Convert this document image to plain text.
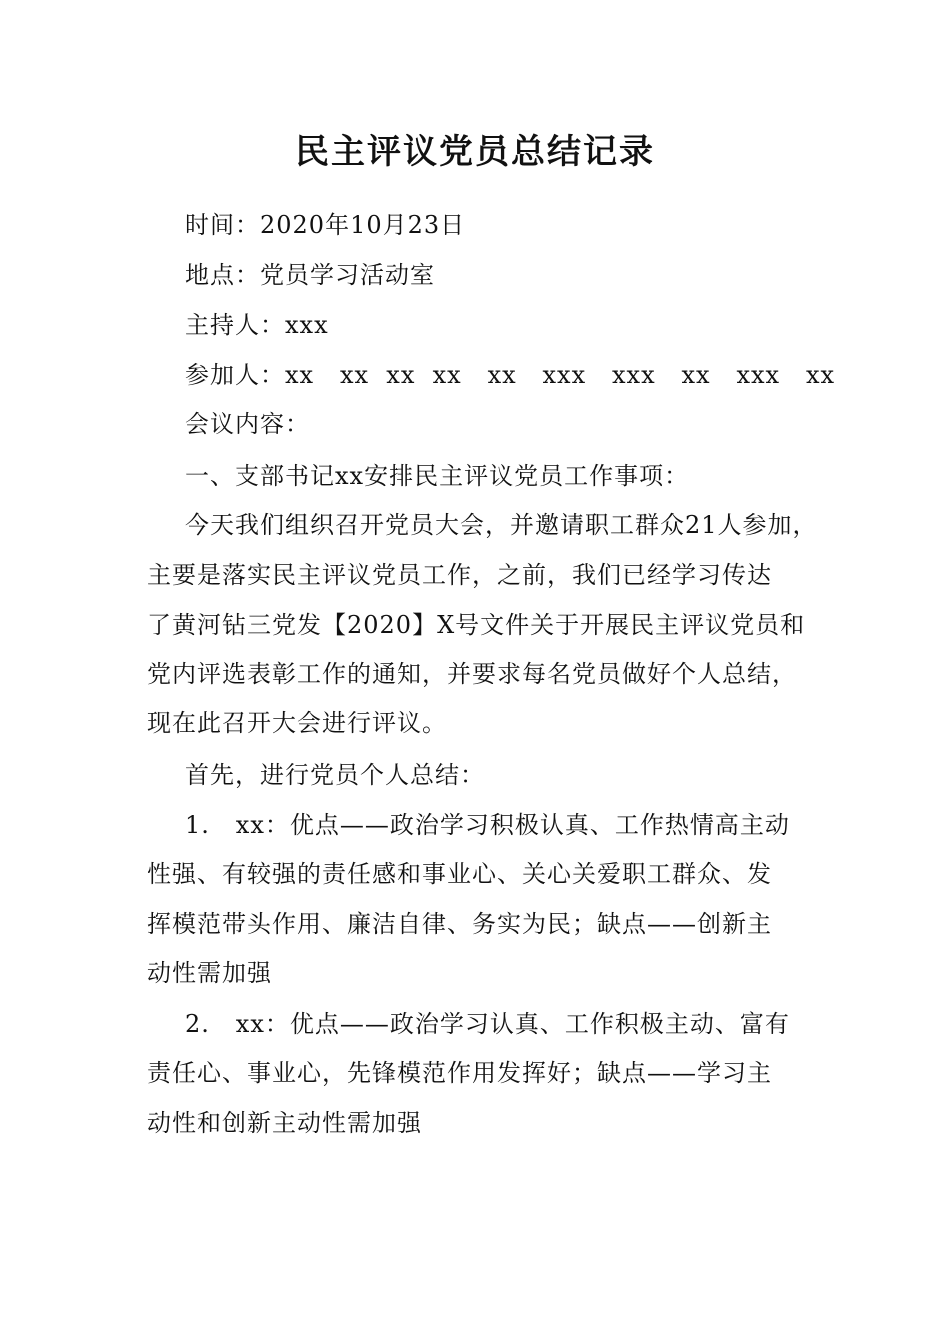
民主评议党员总结记录
时间：2020年10月23日
地点：党员学习活动室
主持人：xxx
参加人：xx   xx  xx  xx   xx   xxx   xxx   xx   xxx   xx
会议内容：
一、支部书记xx安排民主评议党员工作事项：
今天我们组织召开党员大会，并邀请职工群众21人参加，
主要是落实民主评议党员工作，之前，我们已经学习传达
了黄河钻三党发【2020】X号文件关于开展民主评议党员和
党内评选表彰工作的通知，并要求每名党员做好个人总结，
现在此召开大会进行评议。
首先，进行党员个人总结：
1.   xx：优点——政治学习积极认真、工作热情高主动
性强、有较强的责任感和事业心、关心关爱职工群众、发
挥模范带头作用、廉洁自律、务实为民；缺点——创新主
动性需加强
2.   xx：优点——政治学习认真、工作积极主动、富有
责任心、事业心，先锋模范作用发挥好；缺点——学习主
动性和创新主动性需加强
